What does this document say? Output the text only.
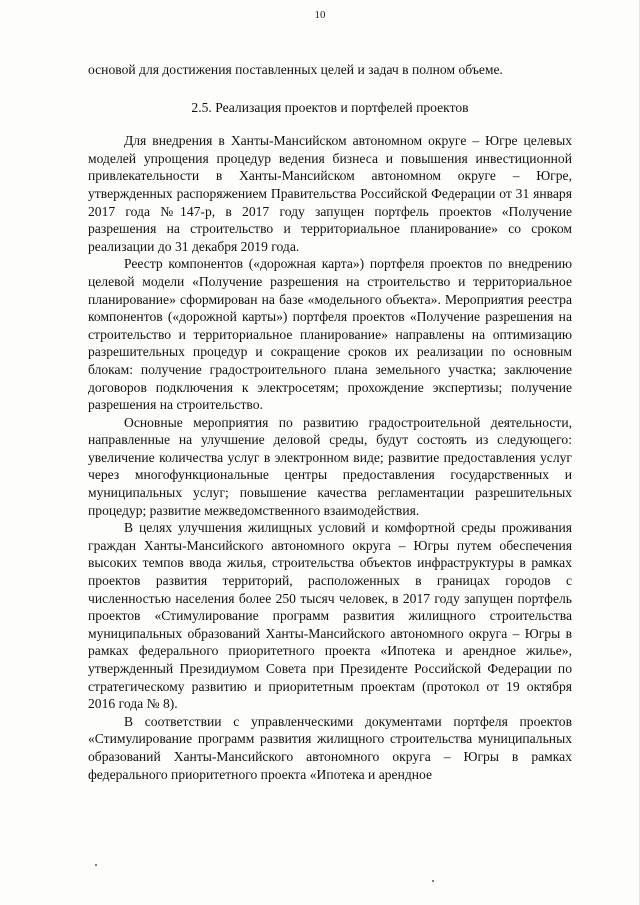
10

основой для достижения поставленных целей и задач в полном объеме.

2.5. Реализация проектов и портфелей проектов

Для внедрения в Ханты-Мансийском автономном округе – Югре целевых моделей упрощения процедур ведения бизнеса и повышения инвестиционной привлекательности в Ханты-Мансийском автономном округе – Югре, утвержденных распоряжением Правительства Российской Федерации от 31 января 2017 года №147-р, в 2017 году запущен портфель проектов «Получение разрешения на строительство и территориальное планирование» со сроком реализации до 31 декабря 2019 года.

Реестр компонентов («дорожная карта») портфеля проектов по внедрению целевой модели «Получение разрешения на строительство и территориальное планирование» сформирован на базе «модельного объекта». Мероприятия реестра компонентов («дорожной карты») портфеля проектов «Получение разрешения на строительство и территориальное планирование» направлены на оптимизацию разрешительных процедур и сокращение сроков их реализации по основным блокам: получение градостроительного плана земельного участка; заключение договоров подключения к электросетям; прохождение экспертизы; получение разрешения на строительство.

Основные мероприятия по развитию градостроительной деятельности, направленные на улучшение деловой среды, будут состоять из следующего: увеличение количества услуг в электронном виде; развитие предоставления услуг через многофункциональные центры предоставления государственных и муниципальных услуг; повышение качества регламентации разрешительных процедур; развитие межведомственного взаимодействия.

В целях улучшения жилищных условий и комфортной среды проживания граждан Ханты-Мансийского автономного округа – Югры путем обеспечения высоких темпов ввода жилья, строительства объектов инфраструктуры в рамках проектов развития территорий, расположенных в границах городов с численностью населения более 250 тысяч человек, в 2017 году запущен портфель проектов «Стимулирование программ развития жилищного строительства муниципальных образований Ханты-Мансийского автономного округа – Югры в рамках федерального приоритетного проекта «Ипотека и арендное жилье», утвержденный Президиумом Совета при Президенте Российской Федерации по стратегическому развитию и приоритетным проектам (протокол от 19 октября 2016 года № 8).

В соответствии с управленческими документами портфеля проектов «Стимулирование программ развития жилищного строительства муниципальных образований Ханты-Мансийского автономного округа – Югры в рамках федерального приоритетного проекта «Ипотека и арендное
